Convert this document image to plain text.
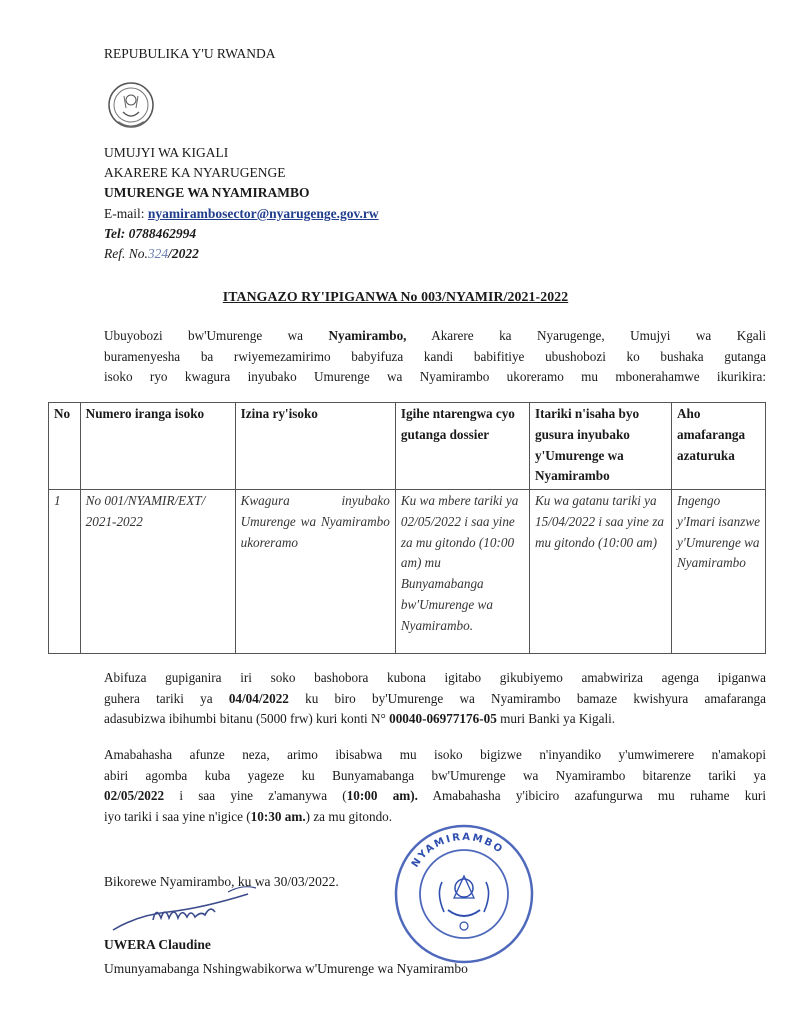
REPUBULIKA Y'U RWANDA
UMUJYI WA KIGALI
AKARERE KA NYARUGENGE
UMURENGE WA NYAMIRAMBO
E-mail: nyamirambosector@nyarugenge.gov.rw
Tel: 0788462994
Ref. No.324/2022
ITANGAZO RY'IPIGANWA No 003/NYAMIR/2021-2022
Ubuyobozi bw'Umurenge wa Nyamirambo, Akarere ka Nyarugenge, Umujyi wa Kgali
buramenyesha ba rwiyemezamirimo babyifuza kandi babifitiye ubushobozi ko bushaka gutanga
isoko ryo kwagura inyubako Umurenge wa Nyamirambo ukoreramo mu mbonerahamwe ikurikira:
No	Numero iranga isoko	Izina ry'isoko	Igihe ntarengwa cyo gutanga dossier	Itariki n'isaha byo gusura inyubako y'Umurenge wa Nyamirambo	Aho amafaranga azaturuka
1	No 001/NYAMIR/EXT/ 2021-2022	Kwagura inyubako Umurenge wa Nyamirambo ukoreramo	Ku wa mbere tariki ya 02/05/2022 i saa yine za mu gitondo (10:00 am) mu Bunyamabanga bw'Umurenge wa Nyamirambo.	Ku wa gatanu tariki ya 15/04/2022 i saa yine za mu gitondo (10:00 am)	Ingengo y'Imari isanzwe y'Umurenge wa Nyamirambo
Abifuza gupiganira iri soko bashobora kubona igitabo gikubiyemo amabwiriza agenga ipiganwa
guhera tariki ya 04/04/2022 ku biro by'Umurenge wa Nyamirambo bamaze kwishyura amafaranga
adasubizwa ibihumbi bitanu (5000 frw) kuri konti N° 00040-06977176-05 muri Banki ya Kigali.
Amabahasha afunze neza, arimo ibisabwa mu isoko bigizwe n'inyandiko y'umwimerere n'amakopi
abiri agomba kuba yageze ku Bunyamabanga bw'Umurenge wa Nyamirambo bitarenze tariki ya
02/05/2022 i saa yine z'amanywa (10:00 am). Amabahasha y'ibiciro azafungurwa mu ruhame kuri
iyo tariki i saa yine n'igice (10:30 am.) za mu gitondo.
Bikorewe Nyamirambo, ku wa 30/03/2022.
UWERA Claudine
Umunyamabanga Nshingwabikorwa w'Umurenge wa Nyamirambo
NYAMIRAMBO
